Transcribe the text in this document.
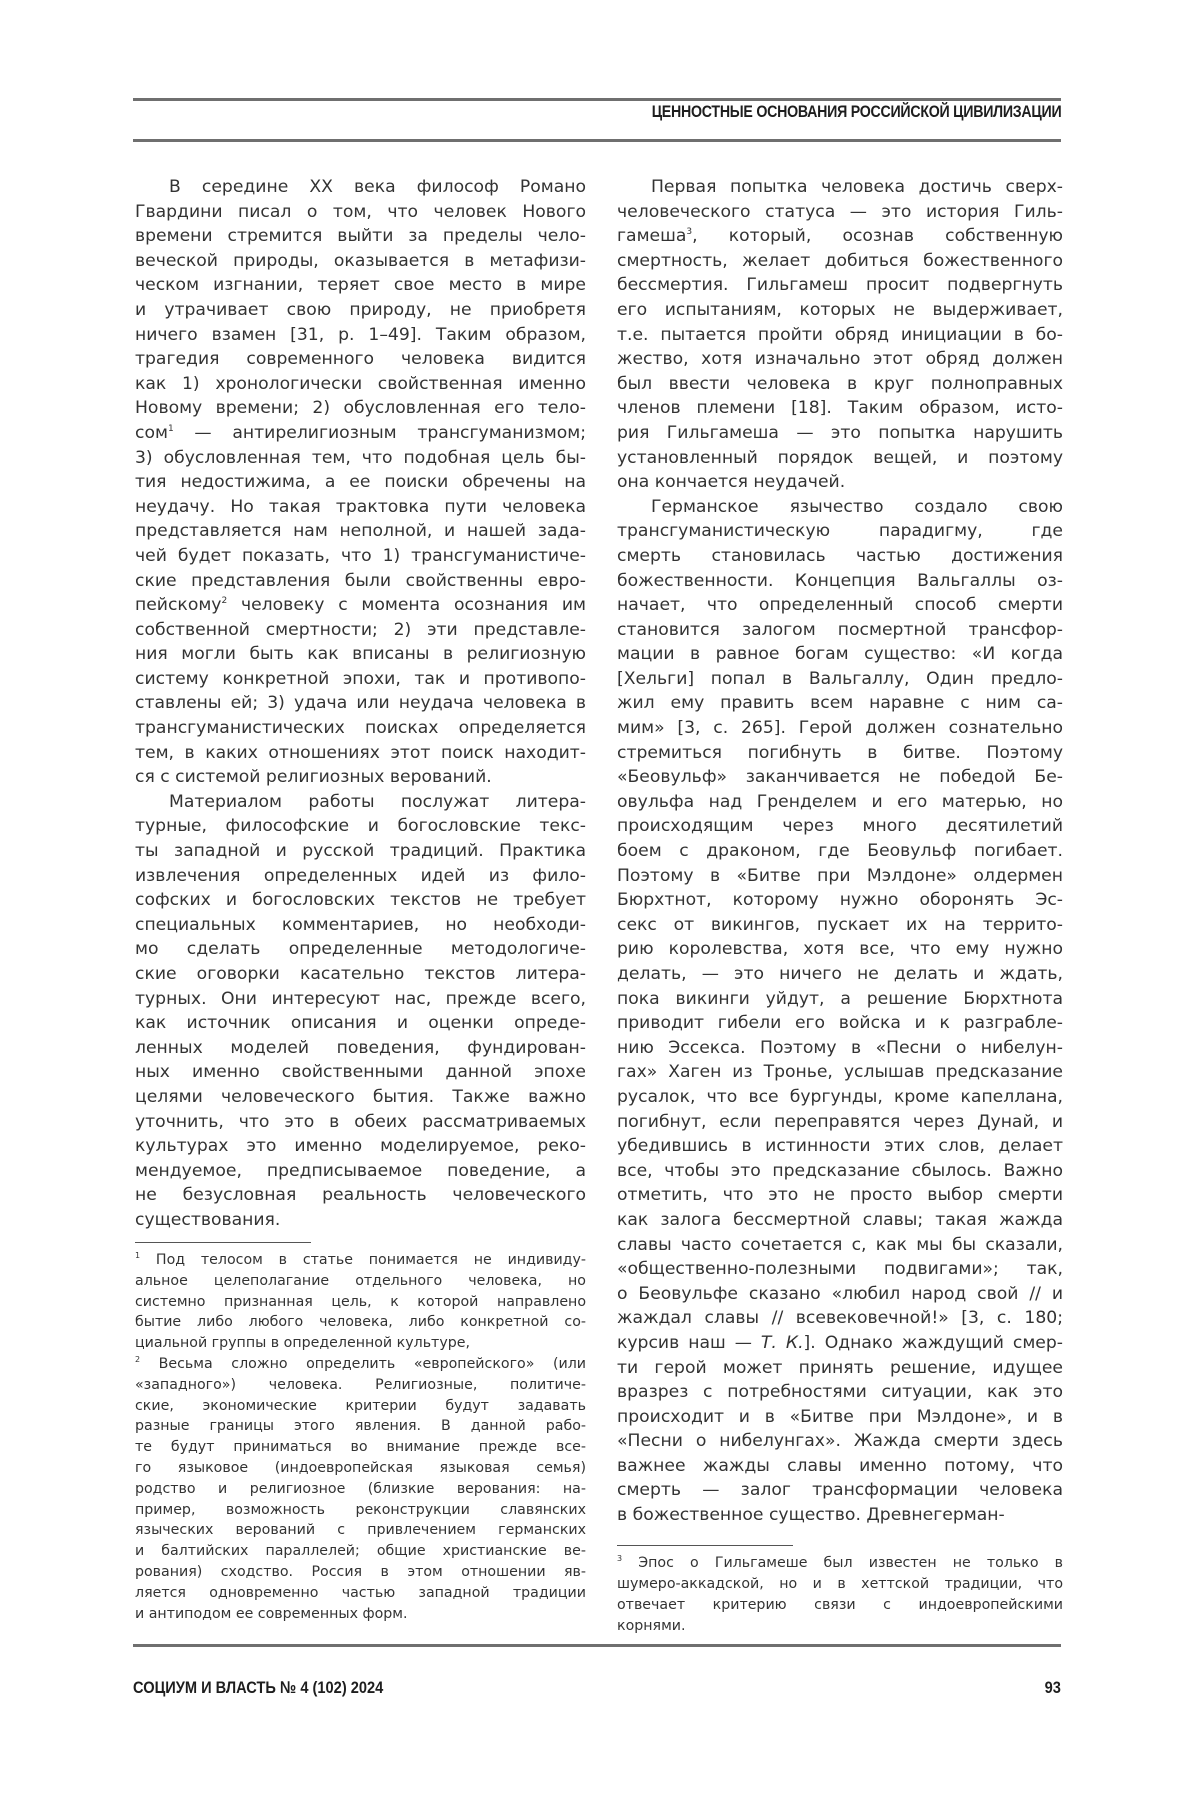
ЦЕННОСТНЫЕ ОСНОВАНИЯ РОССИЙСКОЙ ЦИВИЛИЗАЦИИ
В середине XX века философ Романо
Гвардини писал о том, что человек Нового
времени стремится выйти за пределы чело-
веческой природы, оказывается в метафизи-
ческом изгнании, теряет свое место в мире
и утрачивает свою природу, не приобретя
ничего взамен [31, p. 1–49]. Таким образом,
трагедия современного человека видится
как 1) хронологически свойственная именно
Новому времени; 2) обусловленная его тело-
сом$^1$ — антирелигиозным трансгуманизмом;
3) обусловленная тем, что подобная цель бы-
тия недостижима, а ее поиски обречены на
неудачу. Но такая трактовка пути человека
представляется нам неполной, и нашей зада-
чей будет показать, что 1) трансгуманистиче-
ские представления были свойственны евро-
пейскому$^2$ человеку с момента осознания им
собственной смертности; 2) эти представле-
ния могли быть как вписаны в религиозную
систему конкретной эпохи, так и противопо-
ставлены ей; 3) удача или неудача человека в
трансгуманистических поисках определяется
тем, в каких отношениях этот поиск находит-
ся с системой религиозных верований.
Материалом работы послужат литера-
турные, философские и богословские текс-
ты западной и русской традиций. Практика
извлечения определенных идей из фило-
софских и богословских текстов не требует
специальных комментариев, но необходи-
мо сделать определенные методологиче-
ские оговорки касательно текстов литера-
турных. Они интересуют нас, прежде всего,
как источник описания и оценки опреде-
ленных моделей поведения, фундирован-
ных именно свойственными данной эпохе
целями человеческого бытия. Также важно
уточнить, что это в обеих рассматриваемых
культурах это именно моделируемое, реко-
мендуемое, предписываемое поведение, а
не безусловная реальность человеческого
существования.
$^1$ Под телосом в статье понимается не индивиду-
альное целеполагание отдельного человека, но
системно признанная цель, к которой направлено
бытие либо любого человека, либо конкретной со-
циальной группы в определенной культуре,
$^2$ Весьма сложно определить «европейского» (или
«западного») человека. Религиозные, политиче-
ские, экономические критерии будут задавать
разные границы этого явления. В данной рабо-
те будут приниматься во внимание прежде все-
го языковое (индоевропейская языковая семья)
родство и религиозное (близкие верования: на-
пример, возможность реконструкции славянских
языческих верований с привлечением германских
и балтийских параллелей; общие христианские ве-
рования) сходство. Россия в этом отношении яв-
ляется одновременно частью западной традиции
и антиподом ее современных форм.
Первая попытка человека достичь сверх-
человеческого статуса — это история Гиль-
гамеша$^3$, который, осознав собственную
смертность, желает добиться божественного
бессмертия. Гильгамеш просит подвергнуть
его испытаниям, которых не выдерживает,
т.е. пытается пройти обряд инициации в бо-
жество, хотя изначально этот обряд должен
был ввести человека в круг полноправных
членов племени [18]. Таким образом, исто-
рия Гильгамеша — это попытка нарушить
установленный порядок вещей, и поэтому
она кончается неудачей.
Германское язычество создало свою
трансгуманистическую парадигму, где
смерть становилась частью достижения
божественности. Концепция Вальгаллы оз-
начает, что определенный способ смерти
становится залогом посмертной трансфор-
мации в равное богам существо: «И когда
[Хельги] попал в Вальгаллу, Один предло-
жил ему править всем наравне с ним са-
мим» [3, с. 265]. Герой должен сознательно
стремиться погибнуть в битве. Поэтому
«Беовульф» заканчивается не победой Бе-
овульфа над Гренделем и его матерью, но
происходящим через много десятилетий
боем с драконом, где Беовульф погибает.
Поэтому в «Битве при Мэлдоне» олдермен
Бюрхтнот, которому нужно оборонять Эс-
секс от викингов, пускает их на террито-
рию королевства, хотя все, что ему нужно
делать, — это ничего не делать и ждать,
пока викинги уйдут, а решение Бюрхтнота
приводит гибели его войска и к разграбле-
нию Эссекса. Поэтому в «Песни о нибелун-
гах» Хаген из Тронье, услышав предсказание
русалок, что все бургунды, кроме капеллана,
погибнут, если переправятся через Дунай, и
убедившись в истинности этих слов, делает
все, чтобы это предсказание сбылось. Важно
отметить, что это не просто выбор смерти
как залога бессмертной славы; такая жажда
славы часто сочетается с, как мы бы сказали,
«общественно-полезными подвигами»; так,
о Беовульфе сказано «любил народ свой // и
жаждал славы // всевековечной!» [3, с. 180;
курсив наш — Т. К.]. Однако жаждущий смер-
ти герой может принять решение, идущее
вразрез с потребностями ситуации, как это
происходит и в «Битве при Мэлдоне», и в
«Песни о нибелунгах». Жажда смерти здесь
важнее жажды славы именно потому, что
смерть — залог трансформации человека
в божественное существо. Древнегерман-
$^3$ Эпос о Гильгамеше был известен не только в
шумеро-аккадской, но и в хеттской традиции, что
отвечает критерию связи с индоевропейскими
корнями.
СОЦИУМ И ВЛАСТЬ № 4 (102) 2024	93
